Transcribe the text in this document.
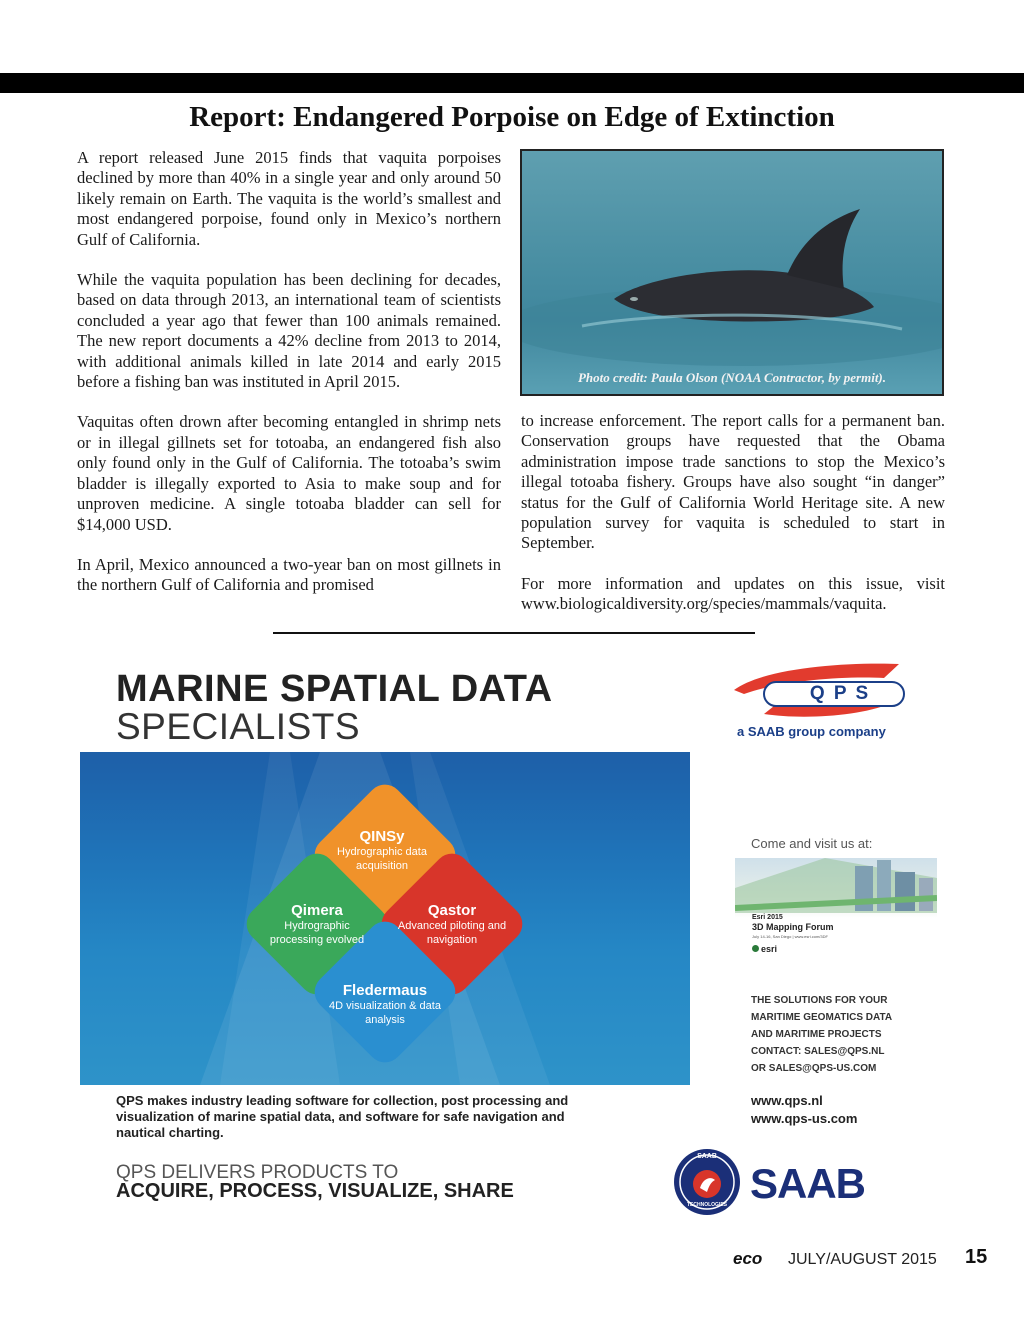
Report: Endangered Porpoise on Edge of Extinction

A report released June 2015 finds that vaquita porpoises declined by more than 40% in a single year and only around 50 likely remain on Earth. The vaquita is the world’s smallest and most endangered porpoise, found only in Mexico’s northern Gulf of California.

While the vaquita population has been declining for decades, based on data through 2013, an international team of scientists concluded a year ago that fewer than 100 animals remained. The new report documents a 42% decline from 2013 to 2014, with additional animals killed in late 2014 and early 2015 before a fishing ban was instituted in April 2015.

Vaquitas often drown after becoming entangled in shrimp nets or in illegal gillnets set for totoaba, an endangered fish also only found only in the Gulf of California. The totoaba’s swim bladder is illegally exported to Asia to make soup and for unproven medicine. A single totoaba bladder can sell for $14,000 USD.

In April, Mexico announced a two-year ban on most gillnets in the northern Gulf of California and promised

Photo credit: Paula Olson (NOAA Contractor, by permit).

to increase enforcement. The report calls for a permanent ban. Conservation groups have requested that the Obama administration impose trade sanctions to stop the Mexico’s illegal totoaba fishery. Groups have also sought “in danger” status for the Gulf of California World Heritage site. A new population survey for vaquita is scheduled to start in September.

For more information and updates on this issue, visit www.biologicaldiversity.org/species/mammals/vaquita.

MARINE SPATIAL DATA
SPECIALISTS
QINSy
Hydrographic data acquisition
Qimera
Hydrographic processing evolved
Qastor
Advanced piloting and navigation
Fledermaus
4D visualization & data analysis
QPS makes industry leading software for collection, post processing and visualization of marine spatial data, and software for safe navigation and nautical charting.
QPS DELIVERS PRODUCTS TO
ACQUIRE, PROCESS, VISUALIZE, SHARE
Q P S
a SAAB group company
Come and visit us at:
Esri 2015
3D Mapping Forum
July 14-16, San Diego | www.esri.com/3DF
esri
THE SOLUTIONS FOR YOUR
MARITIME GEOMATICS DATA
AND MARITIME PROJECTS
CONTACT: SALES@QPS.NL
OR SALES@QPS-US.COM
www.qps.nl
www.qps-us.com
SAAB
TECHNOLOGIES SAAB
eco JULY/AUGUST 2015 15
